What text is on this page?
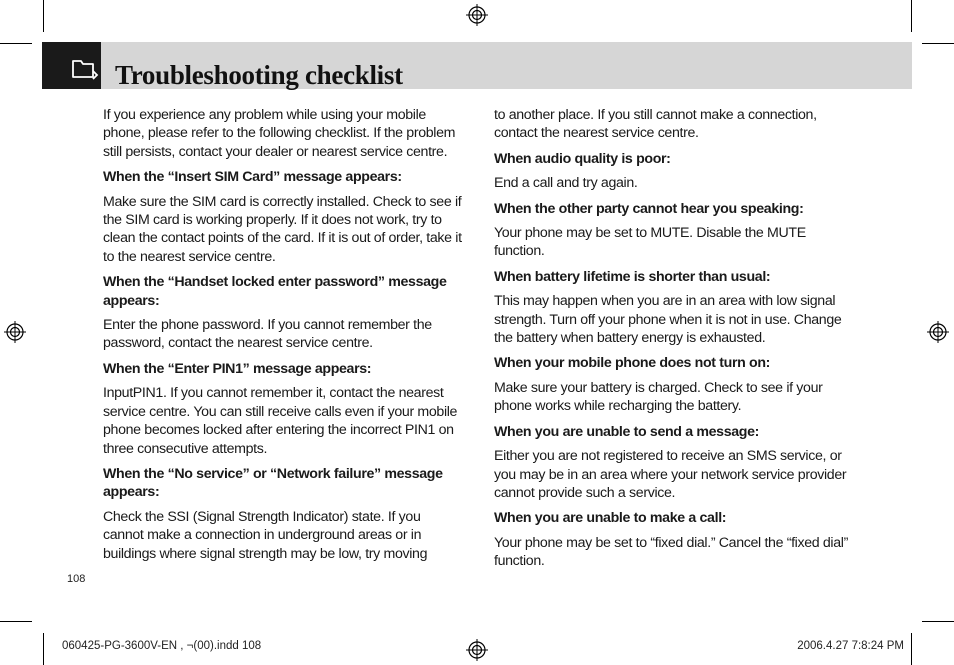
Troubleshooting checklist

If you experience any problem while using your mobile phone, please refer to the following checklist. If the problem still persists, contact your dealer or nearest service centre.

When the “Insert SIM Card” message appears:

Make sure the SIM card is correctly installed. Check to see if the SIM card is working properly. If it does not work, try to clean the contact points of the card. If it is out of order, take it to the nearest service centre.

When the “Handset locked enter password” message appears:

Enter the phone password. If you cannot remember the password, contact the nearest service centre.

When the “Enter PIN1” message appears:

InputPIN1. If you cannot remember it, contact the nearest service centre. You can still receive calls even if your mobile phone becomes locked after entering the incorrect PIN1 on three consecutive attempts.

When the “No service” or “Network failure” message appears:

Check the SSI (Signal Strength Indicator) state. If you cannot make a connection in underground areas or in buildings where signal strength may be low, try moving

to another place. If you still cannot make a connection, contact the nearest service centre.

When audio quality is poor:

End a call and try again.

When the other party cannot hear you speaking:

Your phone may be set to MUTE. Disable the MUTE function.

When battery lifetime is shorter than usual:

This may happen when you are in an area with low signal strength. Turn off your phone when it is not in use. Change the battery when battery energy is exhausted.

When your mobile phone does not turn on:

Make sure your battery is charged. Check to see if your phone works while recharging the battery.

When you are unable to send a message:

Either you are not registered to receive an SMS service, or you may be in an area where your network service provider cannot provide such a service.

When you are unable to make a call:

Your phone may be set to “fixed dial.” Cancel the “fixed dial” function.

108
060425-PG-3600V-EN , ¬(00).indd 108	2006.4.27 7:8:24 PM
